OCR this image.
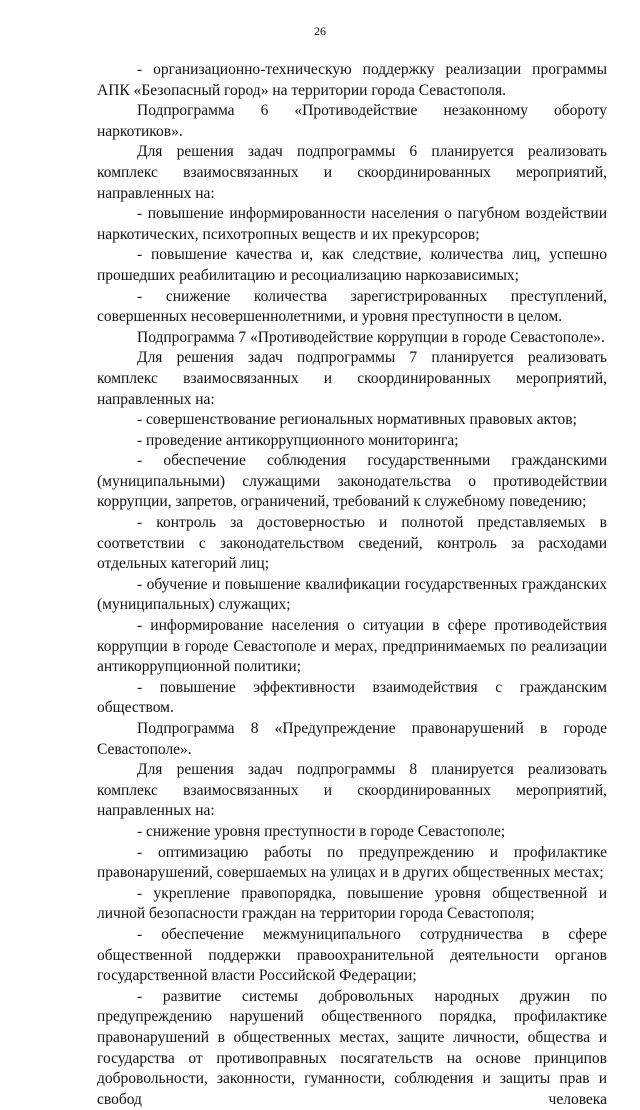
26

- организационно-техническую поддержку реализации программы АПК «Безопасный город» на территории города Севастополя.

Подпрограмма 6 «Противодействие незаконному обороту наркотиков».

Для решения задач подпрограммы 6 планируется реализовать комплекс взаимосвязанных и скоординированных мероприятий, направленных на:

- повышение информированности населения о пагубном воздействии наркотических, психотропных веществ и их прекурсоров;

- повышение качества и, как следствие, количества лиц, успешно прошедших реабилитацию и ресоциализацию наркозависимых;

- снижение количества зарегистрированных преступлений, совершенных несовершеннолетними, и уровня преступности в целом.

Подпрограмма 7 «Противодействие коррупции в городе Севастополе».

Для решения задач подпрограммы 7 планируется реализовать комплекс взаимосвязанных и скоординированных мероприятий, направленных на:

- совершенствование региональных нормативных правовых актов;

- проведение антикоррупционного мониторинга;

- обеспечение соблюдения государственными гражданскими (муниципальными) служащими законодательства о противодействии коррупции, запретов, ограничений, требований к служебному поведению;

- контроль за достоверностью и полнотой представляемых в соответствии с законодательством сведений, контроль за расходами отдельных категорий лиц;

- обучение и повышение квалификации государственных гражданских (муниципальных) служащих;

- информирование населения о ситуации в сфере противодействия коррупции в городе Севастополе и мерах, предпринимаемых по реализации антикоррупционной политики;

- повышение эффективности взаимодействия с гражданским обществом.

Подпрограмма 8 «Предупреждение правонарушений в городе Севастополе».

Для решения задач подпрограммы 8 планируется реализовать комплекс взаимосвязанных и скоординированных мероприятий, направленных на:

- снижение уровня преступности в городе Севастополе;

- оптимизацию работы по предупреждению и профилактике правонарушений, совершаемых на улицах и в других общественных местах;

- укрепление правопорядка, повышение уровня общественной и личной безопасности граждан на территории города Севастополя;

- обеспечение межмуниципального сотрудничества в сфере общественной поддержки правоохранительной деятельности органов государственной власти Российской Федерации;

- развитие системы добровольных народных дружин по предупреждению нарушений общественного порядка, профилактике правонарушений в общественных местах, защите личности, общества и государства от противоправных посягательств на основе принципов добровольности, законности, гуманности, соблюдения и защиты прав и свобод человека
